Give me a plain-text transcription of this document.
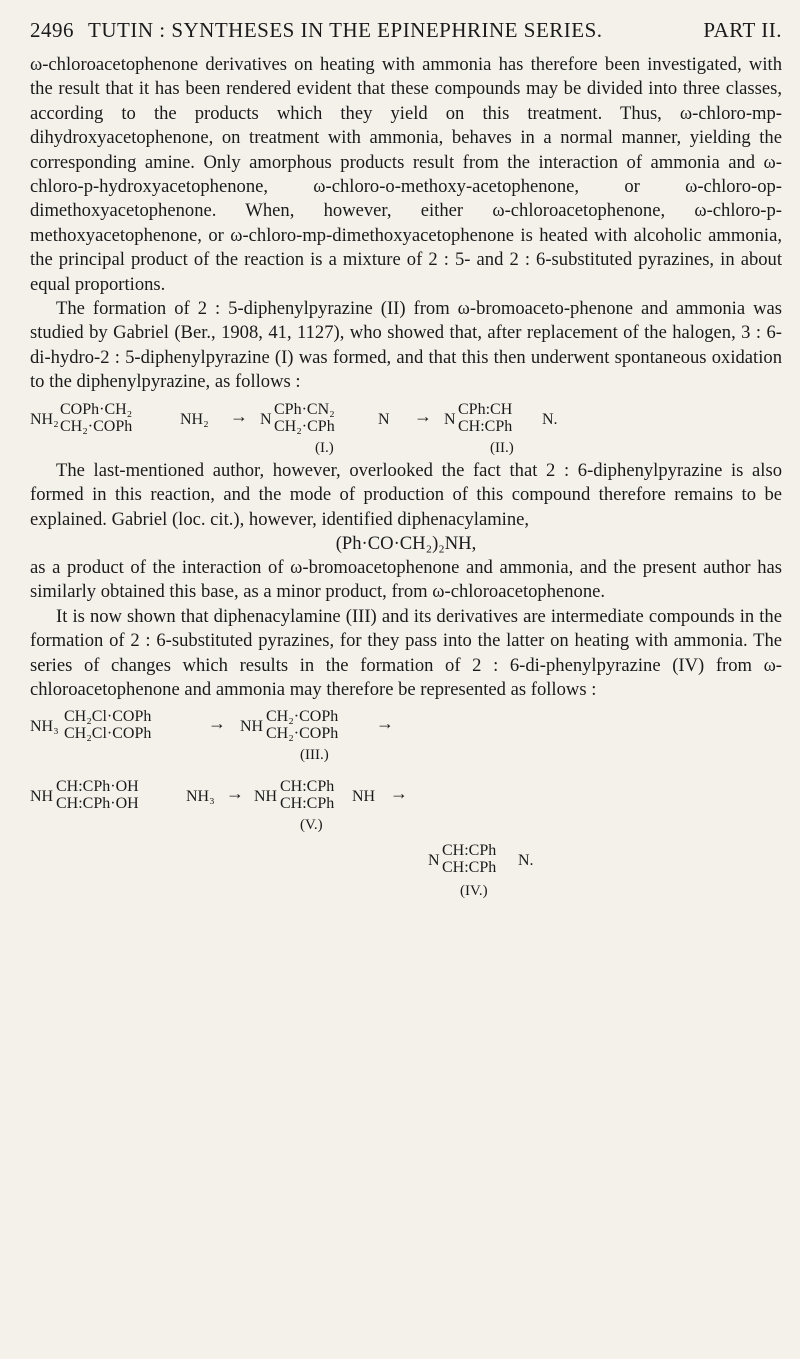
2496 TUTIN : SYNTHESES IN THE EPINEPHRINE SERIES.	PART II.

ω-chloroacetophenone derivatives on heating with ammonia has therefore been investigated, with the result that it has been rendered evident that these compounds may be divided into three classes, according to the products which they yield on this treatment. Thus, ω-chloro-mp-dihydroxyacetophenone, on treatment with ammonia, behaves in a normal manner, yielding the corresponding amine. Only amorphous products result from the interaction of ammonia and ω-chloro-p-hydroxyacetophenone, ω-chloro-o-methoxy-acetophenone, or ω-chloro-op-dimethoxyacetophenone. When, however, either ω-chloroacetophenone, ω-chloro-p-methoxyacetophenone, or ω-chloro-mp-dimethoxyacetophenone is heated with alcoholic ammonia, the principal product of the reaction is a mixture of 2 : 5- and 2 : 6-substituted pyrazines, in about equal proportions.

The formation of 2 : 5-diphenylpyrazine (II) from ω-bromoaceto-phenone and ammonia was studied by Gabriel (Ber., 1908, 41, 1127), who showed that, after replacement of the halogen, 3 : 6-di-hydro-2 : 5-diphenylpyrazine (I) was formed, and that this then underwent spontaneous oxidation to the diphenylpyrazine, as follows :

NH₂
COPh·CH₂
CH₂·COPh	NH₂ → N
CPh·CN₂
CH₂·CPh	N
(I.)
→ N
CPh:CH
CH:CPh N.
(II.)

The last-mentioned author, however, overlooked the fact that 2 : 6-diphenylpyrazine is also formed in this reaction, and the mode of production of this compound therefore remains to be explained. Gabriel (loc. cit.), however, identified diphenacylamine,

(Ph·CO·CH₂)₂NH,

as a product of the interaction of ω-bromoacetophenone and ammonia, and the present author has similarly obtained this base, as a minor product, from ω-chloroacetophenone.

It is now shown that diphenacylamine (III) and its derivatives are intermediate compounds in the formation of 2 : 6-substituted pyrazines, for they pass into the latter on heating with ammonia. The series of changes which results in the formation of 2 : 6-di-phenylpyrazine (IV) from ω-chloroacetophenone and ammonia may therefore be represented as follows :

NH₃
CH₂Cl·COPh
CH₂Cl·COPh
→ NH
CH₂·COPh
CH₂·COPh
→
(III.)
NH
CH:CPh·OH
CH:CPh·OH	NH₃ → NH
CH:CPh
CH:CPh NH →
(V.)
N
CH:CPh
CH:CPh N.
(IV.)
